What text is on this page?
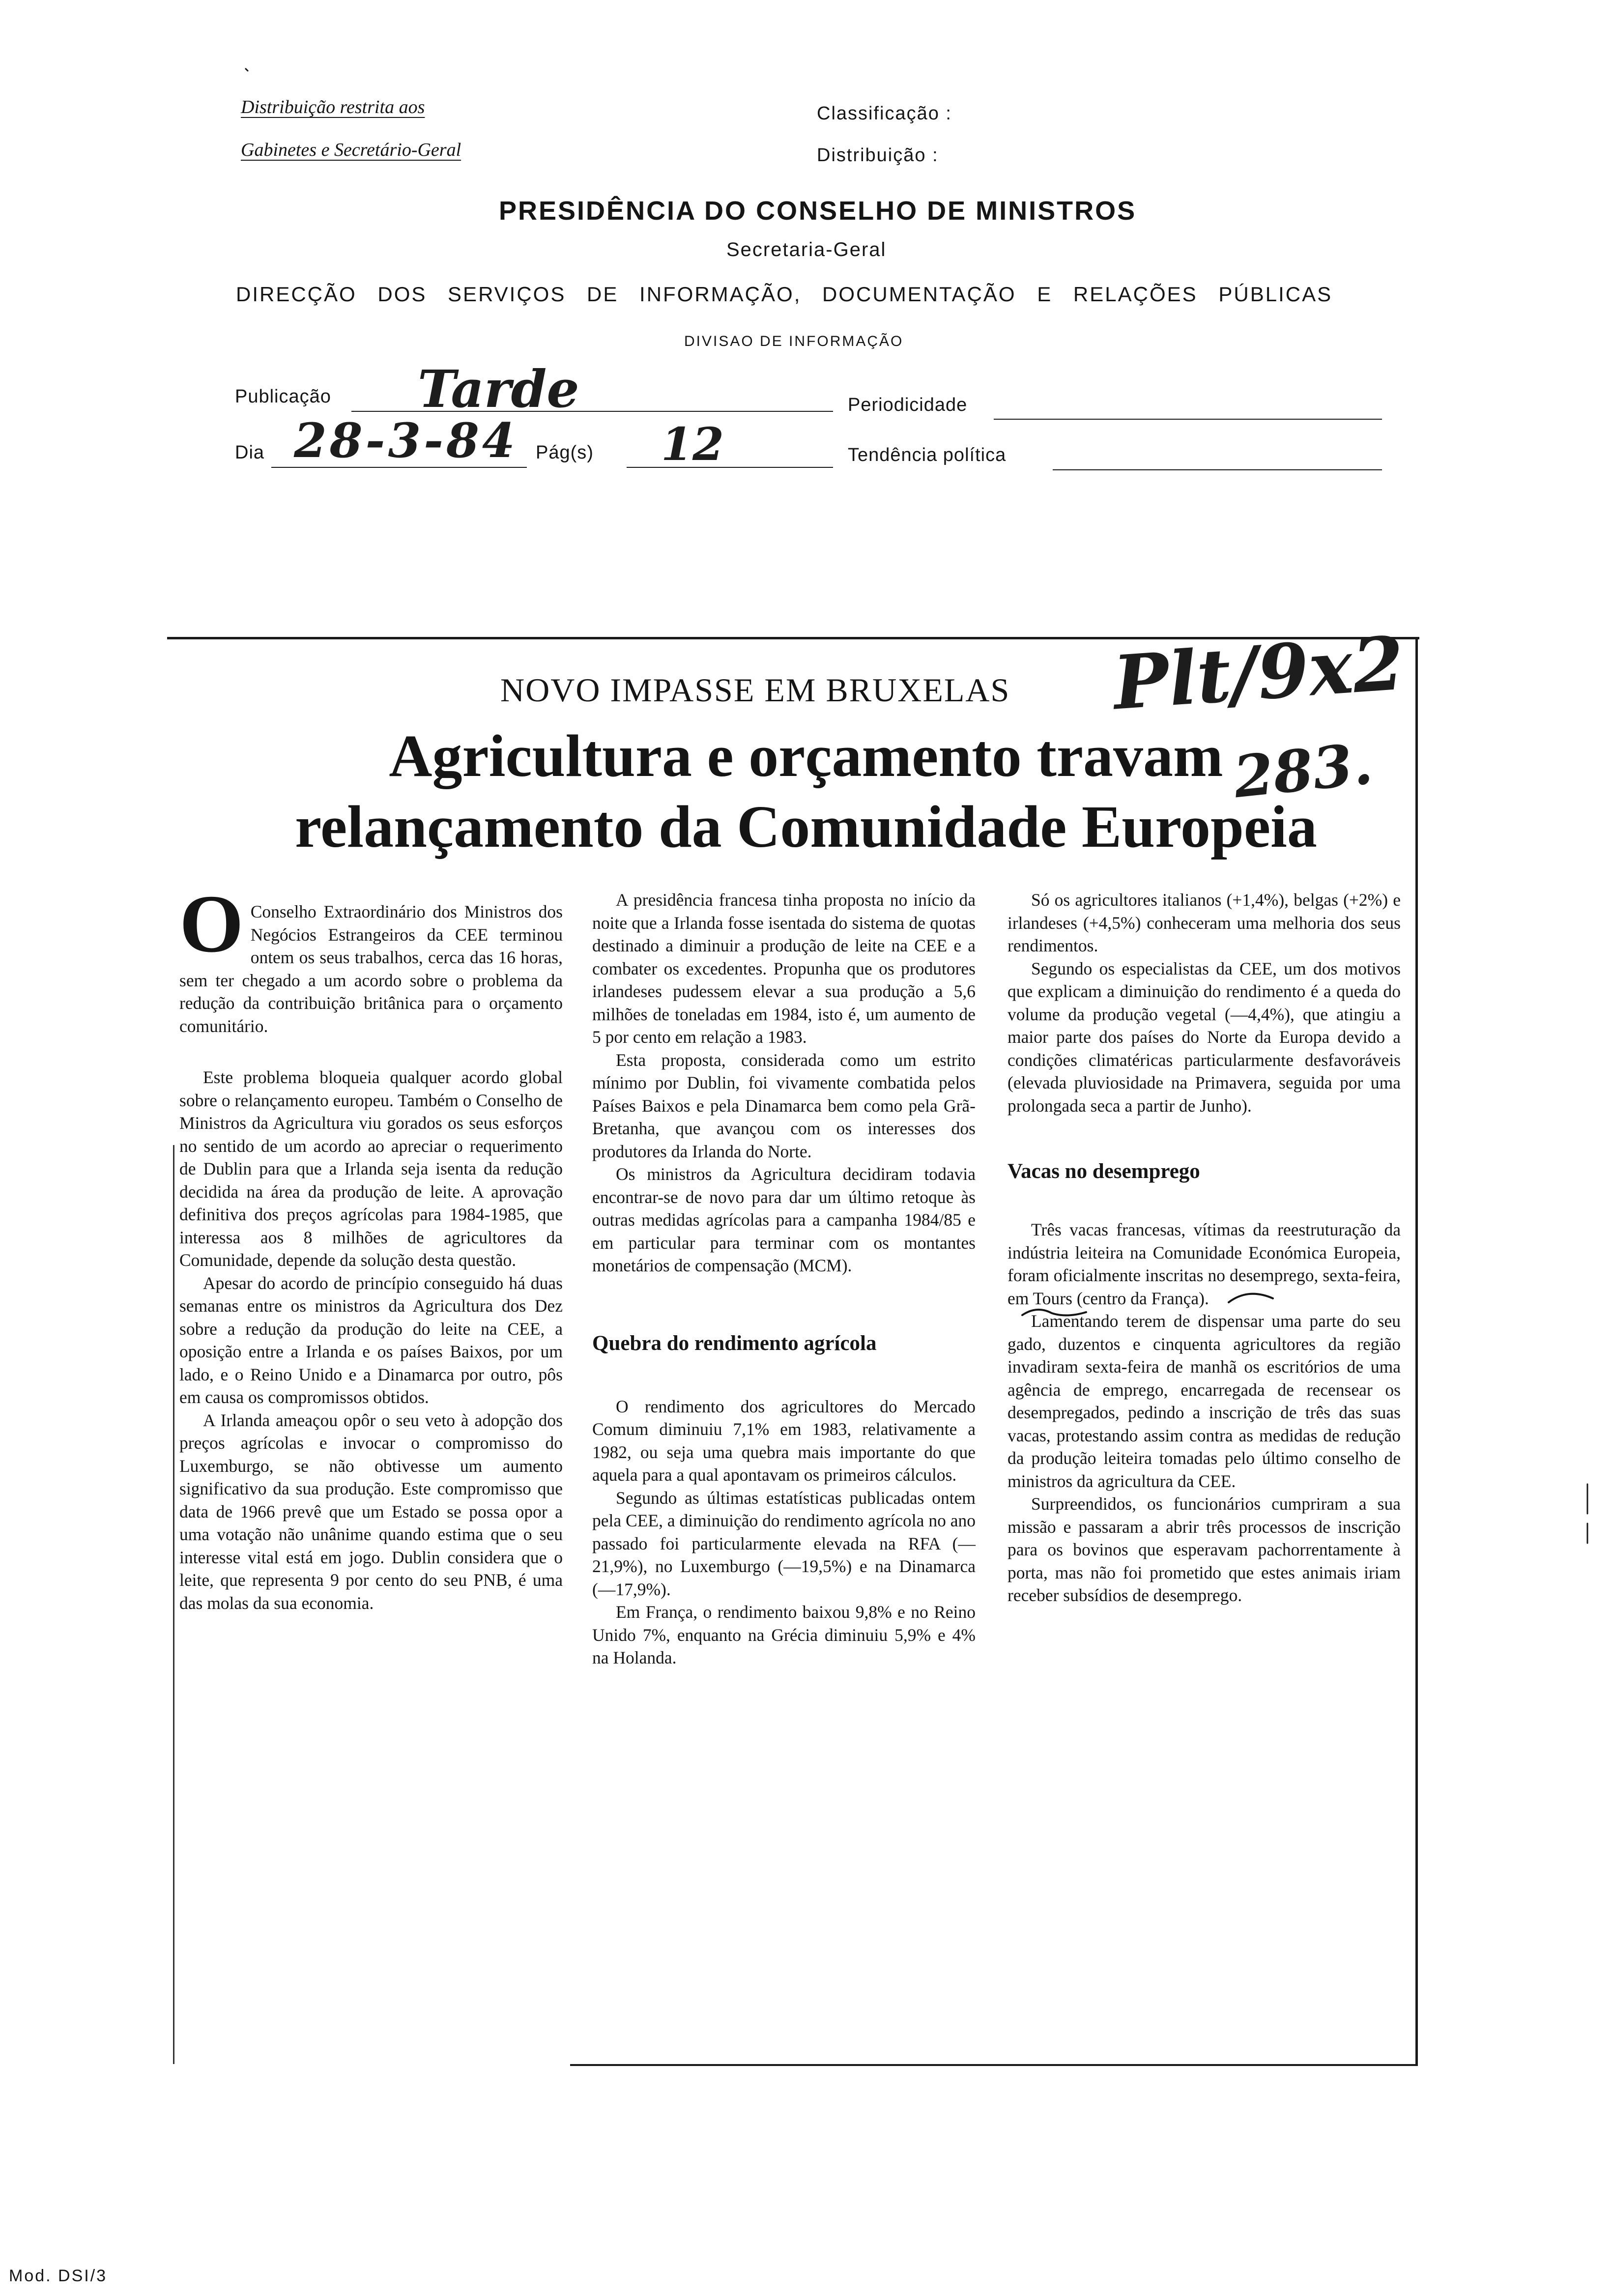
Distribuição restrita aos
Gabinetes e Secretário-Geral
Classificação :
Distribuição :
PRESIDÊNCIA DO CONSELHO DE MINISTROS
Secretaria-Geral
DIRECÇÃO DOS SERVIÇOS DE INFORMAÇÃO, DOCUMENTAÇÃO E RELAÇÕES PÚBLICAS
DIVISAO DE INFORMAÇÃO
Publicação Tarde	Periodicidade
Dia 28-3-84 Pág(s) 12	Tendência política
NOVO IMPASSE EM BRUXELAS
Agricultura e orçamento travam
relançamento da Comunidade Europeia
Plt/9x2
283.
O Conselho Extraordinário dos Ministros dos Negócios Estrangeiros da CEE terminou ontem os seus trabalhos, cerca das 16 horas, sem ter chegado a um acordo sobre o problema da redução da contribuição britânica para o orçamento comunitário.

Este problema bloqueia qualquer acordo global sobre o relançamento europeu. Também o Conselho de Ministros da Agricultura viu gorados os seus esforços no sentido de um acordo ao apreciar o requerimento de Dublin para que a Irlanda seja isenta da redução decidida na área da produção de leite. A aprovação definitiva dos preços agrícolas para 1984-1985, que interessa aos 8 milhões de agricultores da Comunidade, depende da solução desta questão.

Apesar do acordo de princípio conseguido há duas semanas entre os ministros da Agricultura dos Dez sobre a redução da produção do leite na CEE, a oposição entre a Irlanda e os países Baixos, por um lado, e o Reino Unido e a Dinamarca por outro, pôs em causa os compromissos obtidos.

A Irlanda ameaçou opôr o seu veto à adopção dos preços agrícolas e invocar o compromisso do Luxemburgo, se não obtivesse um aumento significativo da sua produção. Este compromisso que data de 1966 prevê que um Estado se possa opor a uma votação não unânime quando estima que o seu interesse vital está em jogo. Dublin considera que o leite, que representa 9 por cento do seu PNB, é uma das molas da sua economia.

A presidência francesa tinha proposta no início da noite que a Irlanda fosse isentada do sistema de quotas destinado a diminuir a produção de leite na CEE e a combater os excedentes. Propunha que os produtores irlandeses pudessem elevar a sua produção a 5,6 milhões de toneladas em 1984, isto é, um aumento de 5 por cento em relação a 1983.

Esta proposta, considerada como um estrito mínimo por Dublin, foi vivamente combatida pelos Países Baixos e pela Dinamarca bem como pela Grã-Bretanha, que avançou com os interesses dos produtores da Irlanda do Norte.

Os ministros da Agricultura decidiram todavia encontrar-se de novo para dar um último retoque às outras medidas agrícolas para a campanha 1984/85 e em particular para terminar com os montantes monetários de compensação (MCM).

Quebra do rendimento agrícola

O rendimento dos agricultores do Mercado Comum diminuiu 7,1% em 1983, relativamente a 1982, ou seja uma quebra mais importante do que aquela para a qual apontavam os primeiros cálculos.

Segundo as últimas estatísticas publicadas ontem pela CEE, a diminuição do rendimento agrícola no ano passado foi particularmente elevada na RFA (—21,9%), no Luxemburgo (—19,5%) e na Dinamarca (—17,9%).

Em França, o rendimento baixou 9,8% e no Reino Unido 7%, enquanto na Grécia diminuiu 5,9% e 4% na Holanda.

Só os agricultores italianos (+1,4%), belgas (+2%) e irlandeses (+4,5%) conheceram uma melhoria dos seus rendimentos.

Segundo os especialistas da CEE, um dos motivos que explicam a diminuição do rendimento é a queda do volume da produção vegetal (—4,4%), que atingiu a maior parte dos países do Norte da Europa devido a condições climatéricas particularmente desfavoráveis (elevada pluviosidade na Primavera, seguida por uma prolongada seca a partir de Junho).

Vacas no desemprego

Três vacas francesas, vítimas da reestruturação da indústria leiteira na Comunidade Económica Europeia, foram oficialmente inscritas no desemprego, sexta-feira, em Tours (centro da França).

Lamentando terem de dispensar uma parte do seu gado, duzentos e cinquenta agricultores da região invadiram sexta-feira de manhã os escritórios de uma agência de emprego, encarregada de recensear os desempregados, pedindo a inscrição de três das suas vacas, protestando assim contra as medidas de redução da produção leiteira tomadas pelo último conselho de ministros da agricultura da CEE.

Surpreendidos, os funcionários cumpriram a sua missão e passaram a abrir três processos de inscrição para os bovinos que esperavam pachorrentamente à porta, mas não foi prometido que estes animais iriam receber subsídios de desemprego.

Mod. DSI/3
